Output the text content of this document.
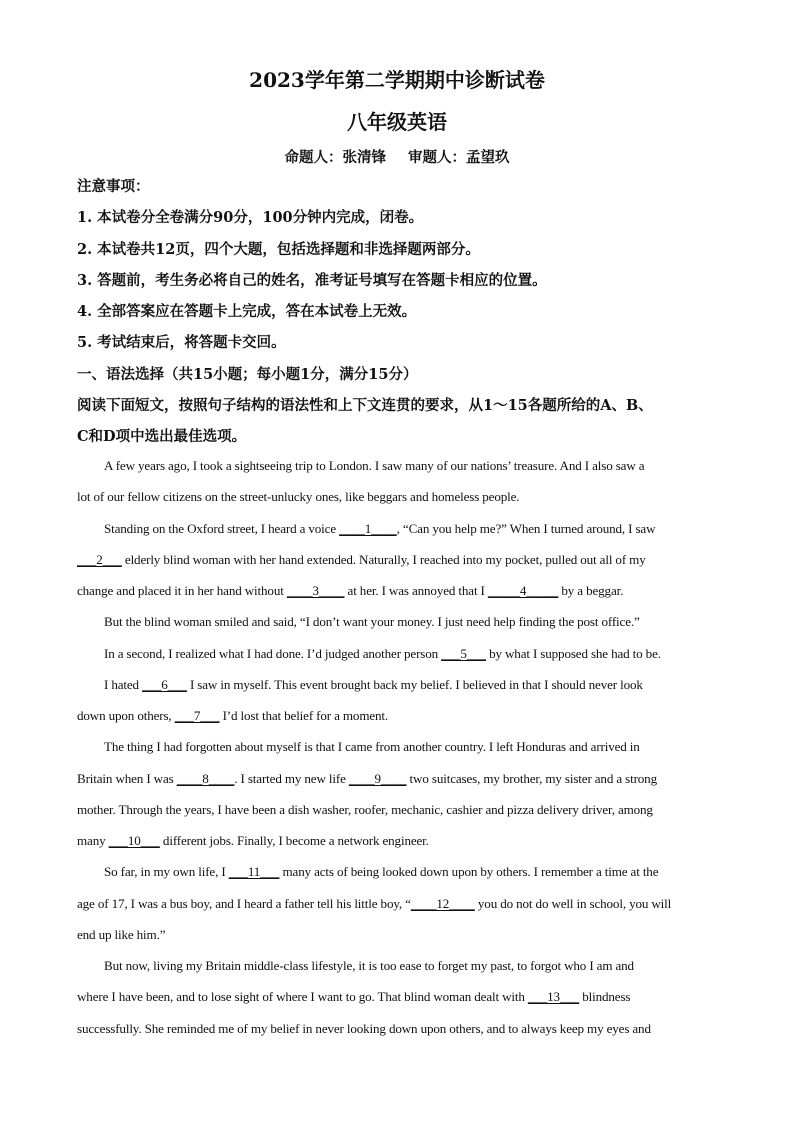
2023学年第二学期期中诊断试卷
八年级英语
命题人：张清锋 审题人：孟望玖
注意事项：
1. 本试卷分全卷满分90分，100分钟内完成，闭卷。
2. 本试卷共12页，四个大题，包括选择题和非选择题两部分。
3. 答题前，考生务必将自己的姓名，准考证号填写在答题卡相应的位置。
4. 全部答案应在答题卡上完成，答在本试卷上无效。
5. 考试结束后，将答题卡交回。
一、语法选择（共15小题；每小题1分，满分15分）
阅读下面短文，按照句子结构的语法性和上下文连贯的要求，从1～15各题所给的A、B、
C和D项中选出最佳选项。
A few years ago, I took a sightseeing trip to London. I saw many of our nations’ treasure. And I also saw a
lot of our fellow citizens on the street-unlucky ones, like beggars and homeless people.
Standing on the Oxford street, I heard a voice ____1____, “Can you help me?” When I turned around, I saw
___2___ elderly blind woman with her hand extended. Naturally, I reached into my pocket, pulled out all of my
change and placed it in her hand without ____3____ at her. I was annoyed that I _____4_____ by a beggar.
But the blind woman smiled and said, “I don’t want your money. I just need help finding the post office.”
In a second, I realized what I had done. I’d judged another person ___5___ by what I supposed she had to be.
I hated ___6___ I saw in myself. This event brought back my belief. I believed in that I should never look
down upon others, ___7___ I’d lost that belief for a moment.
The thing I had forgotten about myself is that I came from another country. I left Honduras and arrived in
Britain when I was ____8____. I started my new life ____9____ two suitcases, my brother, my sister and a strong
mother. Through the years, I have been a dish washer, roofer, mechanic, cashier and pizza delivery driver, among
many ___10___ different jobs. Finally, I become a network engineer.
So far, in my own life, I ___11___ many acts of being looked down upon by others. I remember a time at the
age of 17, I was a bus boy, and I heard a father tell his little boy, “____12____ you do not do well in school, you will
end up like him.”
But now, living my Britain middle-class lifestyle, it is too ease to forget my past, to forgot who I am and
where I have been, and to lose sight of where I want to go. That blind woman dealt with ___13___ blindness
successfully. She reminded me of my belief in never looking down upon others, and to always keep my eyes and
